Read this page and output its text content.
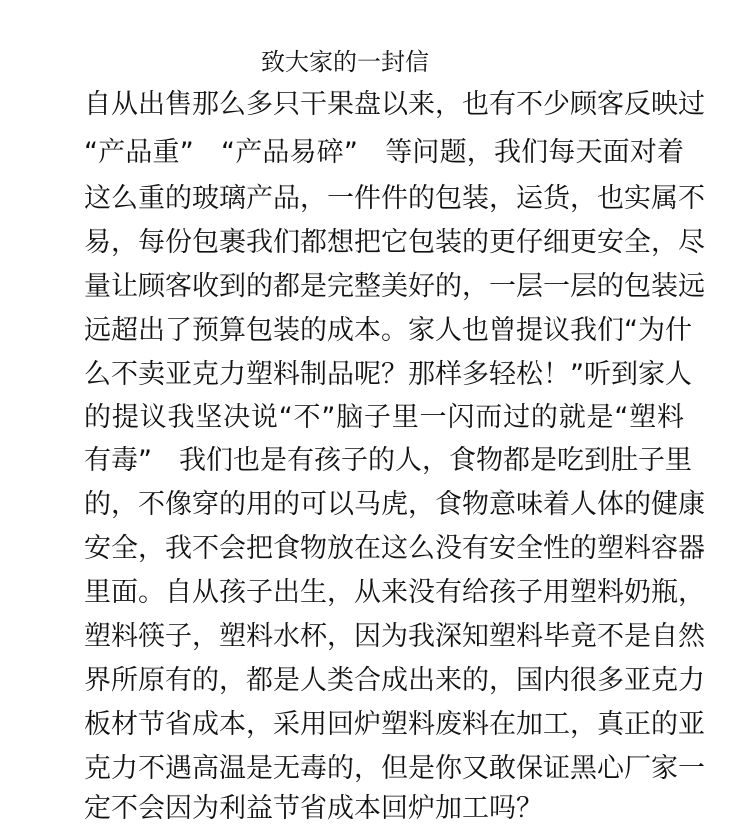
致大家的一封信
自从出售那么多只干果盘以来，也有不少顾客反映过
“产品重”　“产品易碎”　等问题，我们每天面对着
这么重的玻璃产品，一件件的包装，运货，也实属不
易，每份包裹我们都想把它包装的更仔细更安全，尽
量让顾客收到的都是完整美好的，一层一层的包装远
远超出了预算包装的成本。家人也曾提议我们“为什
么不卖亚克力塑料制品呢？那样多轻松！”听到家人
的提议我坚决说“不”脑子里一闪而过的就是“塑料
有毒”　我们也是有孩子的人，食物都是吃到肚子里
的，不像穿的用的可以马虎，食物意味着人体的健康
安全，我不会把食物放在这么没有安全性的塑料容器
里面。自从孩子出生，从来没有给孩子用塑料奶瓶，
塑料筷子，塑料水杯，因为我深知塑料毕竟不是自然
界所原有的，都是人类合成出来的，国内很多亚克力
板材节省成本，采用回炉塑料废料在加工，真正的亚
克力不遇高温是无毒的，但是你又敢保证黑心厂家一
定不会因为利益节省成本回炉加工吗？
